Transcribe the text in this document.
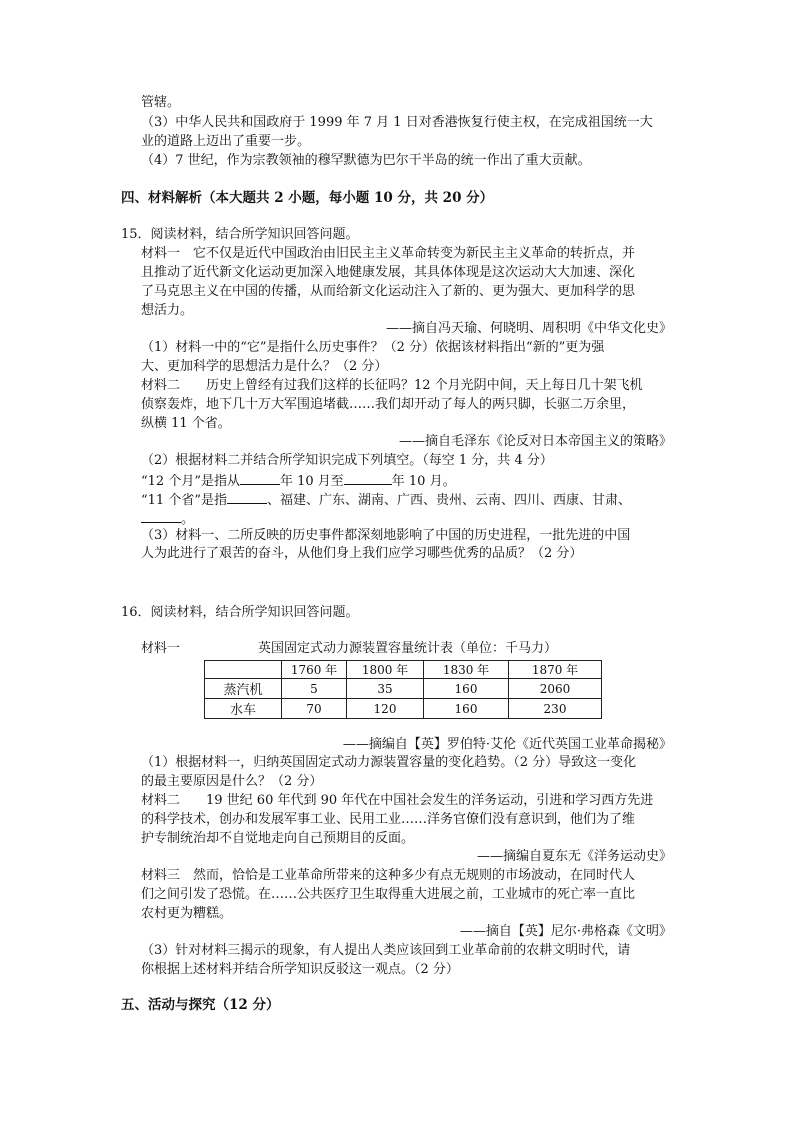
管辖。
（3）中华人民共和国政府于 1999 年 7 月 1 日对香港恢复行使主权，在完成祖国统一大
业的道路上迈出了重要一步。
（4）7 世纪，作为宗教领袖的穆罕默德为巴尔干半岛的统一作出了重大贡献。
四、材料解析（本大题共 2 小题，每小题 10 分，共 20 分）
15．阅读材料，结合所学知识回答问题。
材料一　它不仅是近代中国政治由旧民主主义革命转变为新民主主义革命的转折点，并
且推动了近代新文化运动更加深入地健康发展，其具体体现是这次运动大大加速、深化
了马克思主义在中国的传播，从而给新文化运动注入了新的、更为强大、更加科学的思
想活力。
——摘自冯天瑜、何晓明、周积明《中华文化史》
（1）材料一中的“它”是指什么历史事件？（2 分）依据该材料指出“新的”更为强
大、更加科学的思想活力是什么？（2 分）
材料二　　历史上曾经有过我们这样的长征吗？12 个月光阴中间，天上每日几十架飞机
侦察轰炸，地下几十万大军围追堵截……我们却开动了每人的两只脚，长驱二万余里，
纵横 11 个省。
——摘自毛泽东《论反对日本帝国主义的策略》
（2）根据材料二并结合所学知识完成下列填空。（每空 1 分，共 4 分）
“12 个月”是指从	年 10 月至	年 10 月。
“11 个省”是指	、福建、广东、湖南、广西、贵州、云南、四川、西康、甘肃、
。
（3）材料一、二所反映的历史事件都深刻地影响了中国的历史进程，一批先进的中国
人为此进行了艰苦的奋斗，从他们身上我们应学习哪些优秀的品质？（2 分）
16．阅读材料，结合所学知识回答问题。
材料一	英国固定式动力源装置容量统计表（单位：千马力）
	1760 年	1800 年	1830 年	1870 年
蒸汽机	5	35	160	2060
水车	70	120	160	230
——摘编自【英】罗伯特·艾伦《近代英国工业革命揭秘》
（1）根据材料一，归纳英国固定式动力源装置容量的变化趋势。（2 分）导致这一变化
的最主要原因是什么？（2 分）
材料二　　19 世纪 60 年代到 90 年代在中国社会发生的洋务运动，引进和学习西方先进
的科学技术，创办和发展军事工业、民用工业……洋务官僚们没有意识到，他们为了维
护专制统治却不自觉地走向自己预期目的反面。
——摘编自夏东无《洋务运动史》
材料三　然而，恰恰是工业革命所带来的这种多少有点无规则的市场波动，在同时代人
们之间引发了恐慌。在……公共医疗卫生取得重大进展之前，工业城市的死亡率一直比
农村更为糟糕。
——摘自【英】尼尔·弗格森《文明》
（3）针对材料三揭示的现象，有人提出人类应该回到工业革命前的农耕文明时代，请
你根据上述材料并结合所学知识反驳这一观点。（2 分）
五、活动与探究（12 分）
